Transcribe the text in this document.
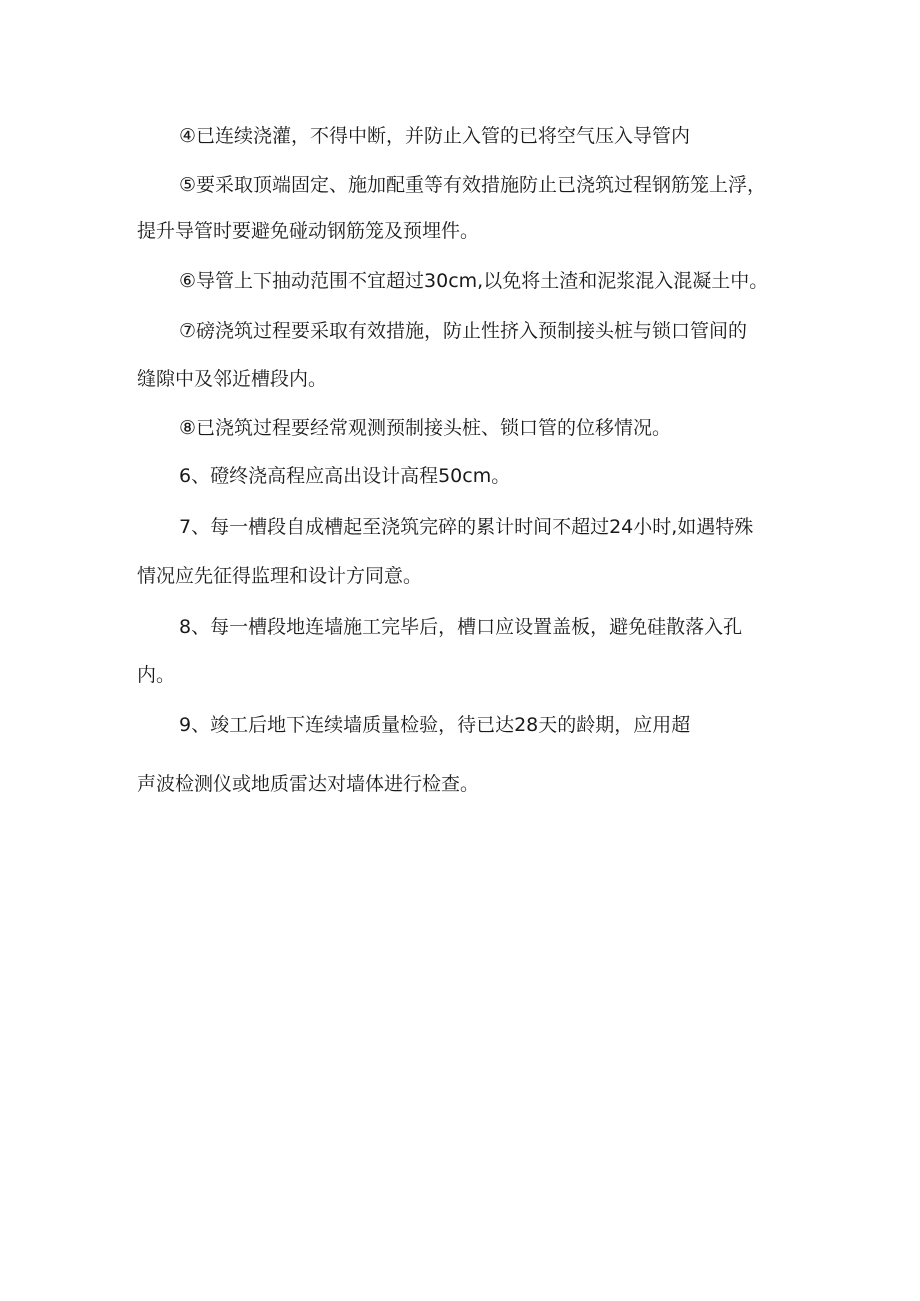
④已连续浇灌，不得中断，并防止入管的已将空气压入导管内
⑤要采取顶端固定、施加配重等有效措施防止已浇筑过程钢筋笼上浮，
提升导管时要避免碰动钢筋笼及预埋件。
⑥导管上下抽动范围不宜超过30cm,以免将土渣和泥浆混入混凝土中。
⑦磅浇筑过程要采取有效措施，防止性挤入预制接头桩与锁口管间的
缝隙中及邻近槽段内。
⑧已浇筑过程要经常观测预制接头桩、锁口管的位移情况。
6、磴终浇高程应高出设计高程50cm。
7、每一槽段自成槽起至浇筑完碎的累计时间不超过24小时,如遇特殊
情况应先征得监理和设计方同意。
8、每一槽段地连墙施工完毕后，槽口应设置盖板，避免硅散落入孔
内。
9、竣工后地下连续墙质量检验，待已达28天的龄期，应用超
声波检测仪或地质雷达对墙体进行检查。
